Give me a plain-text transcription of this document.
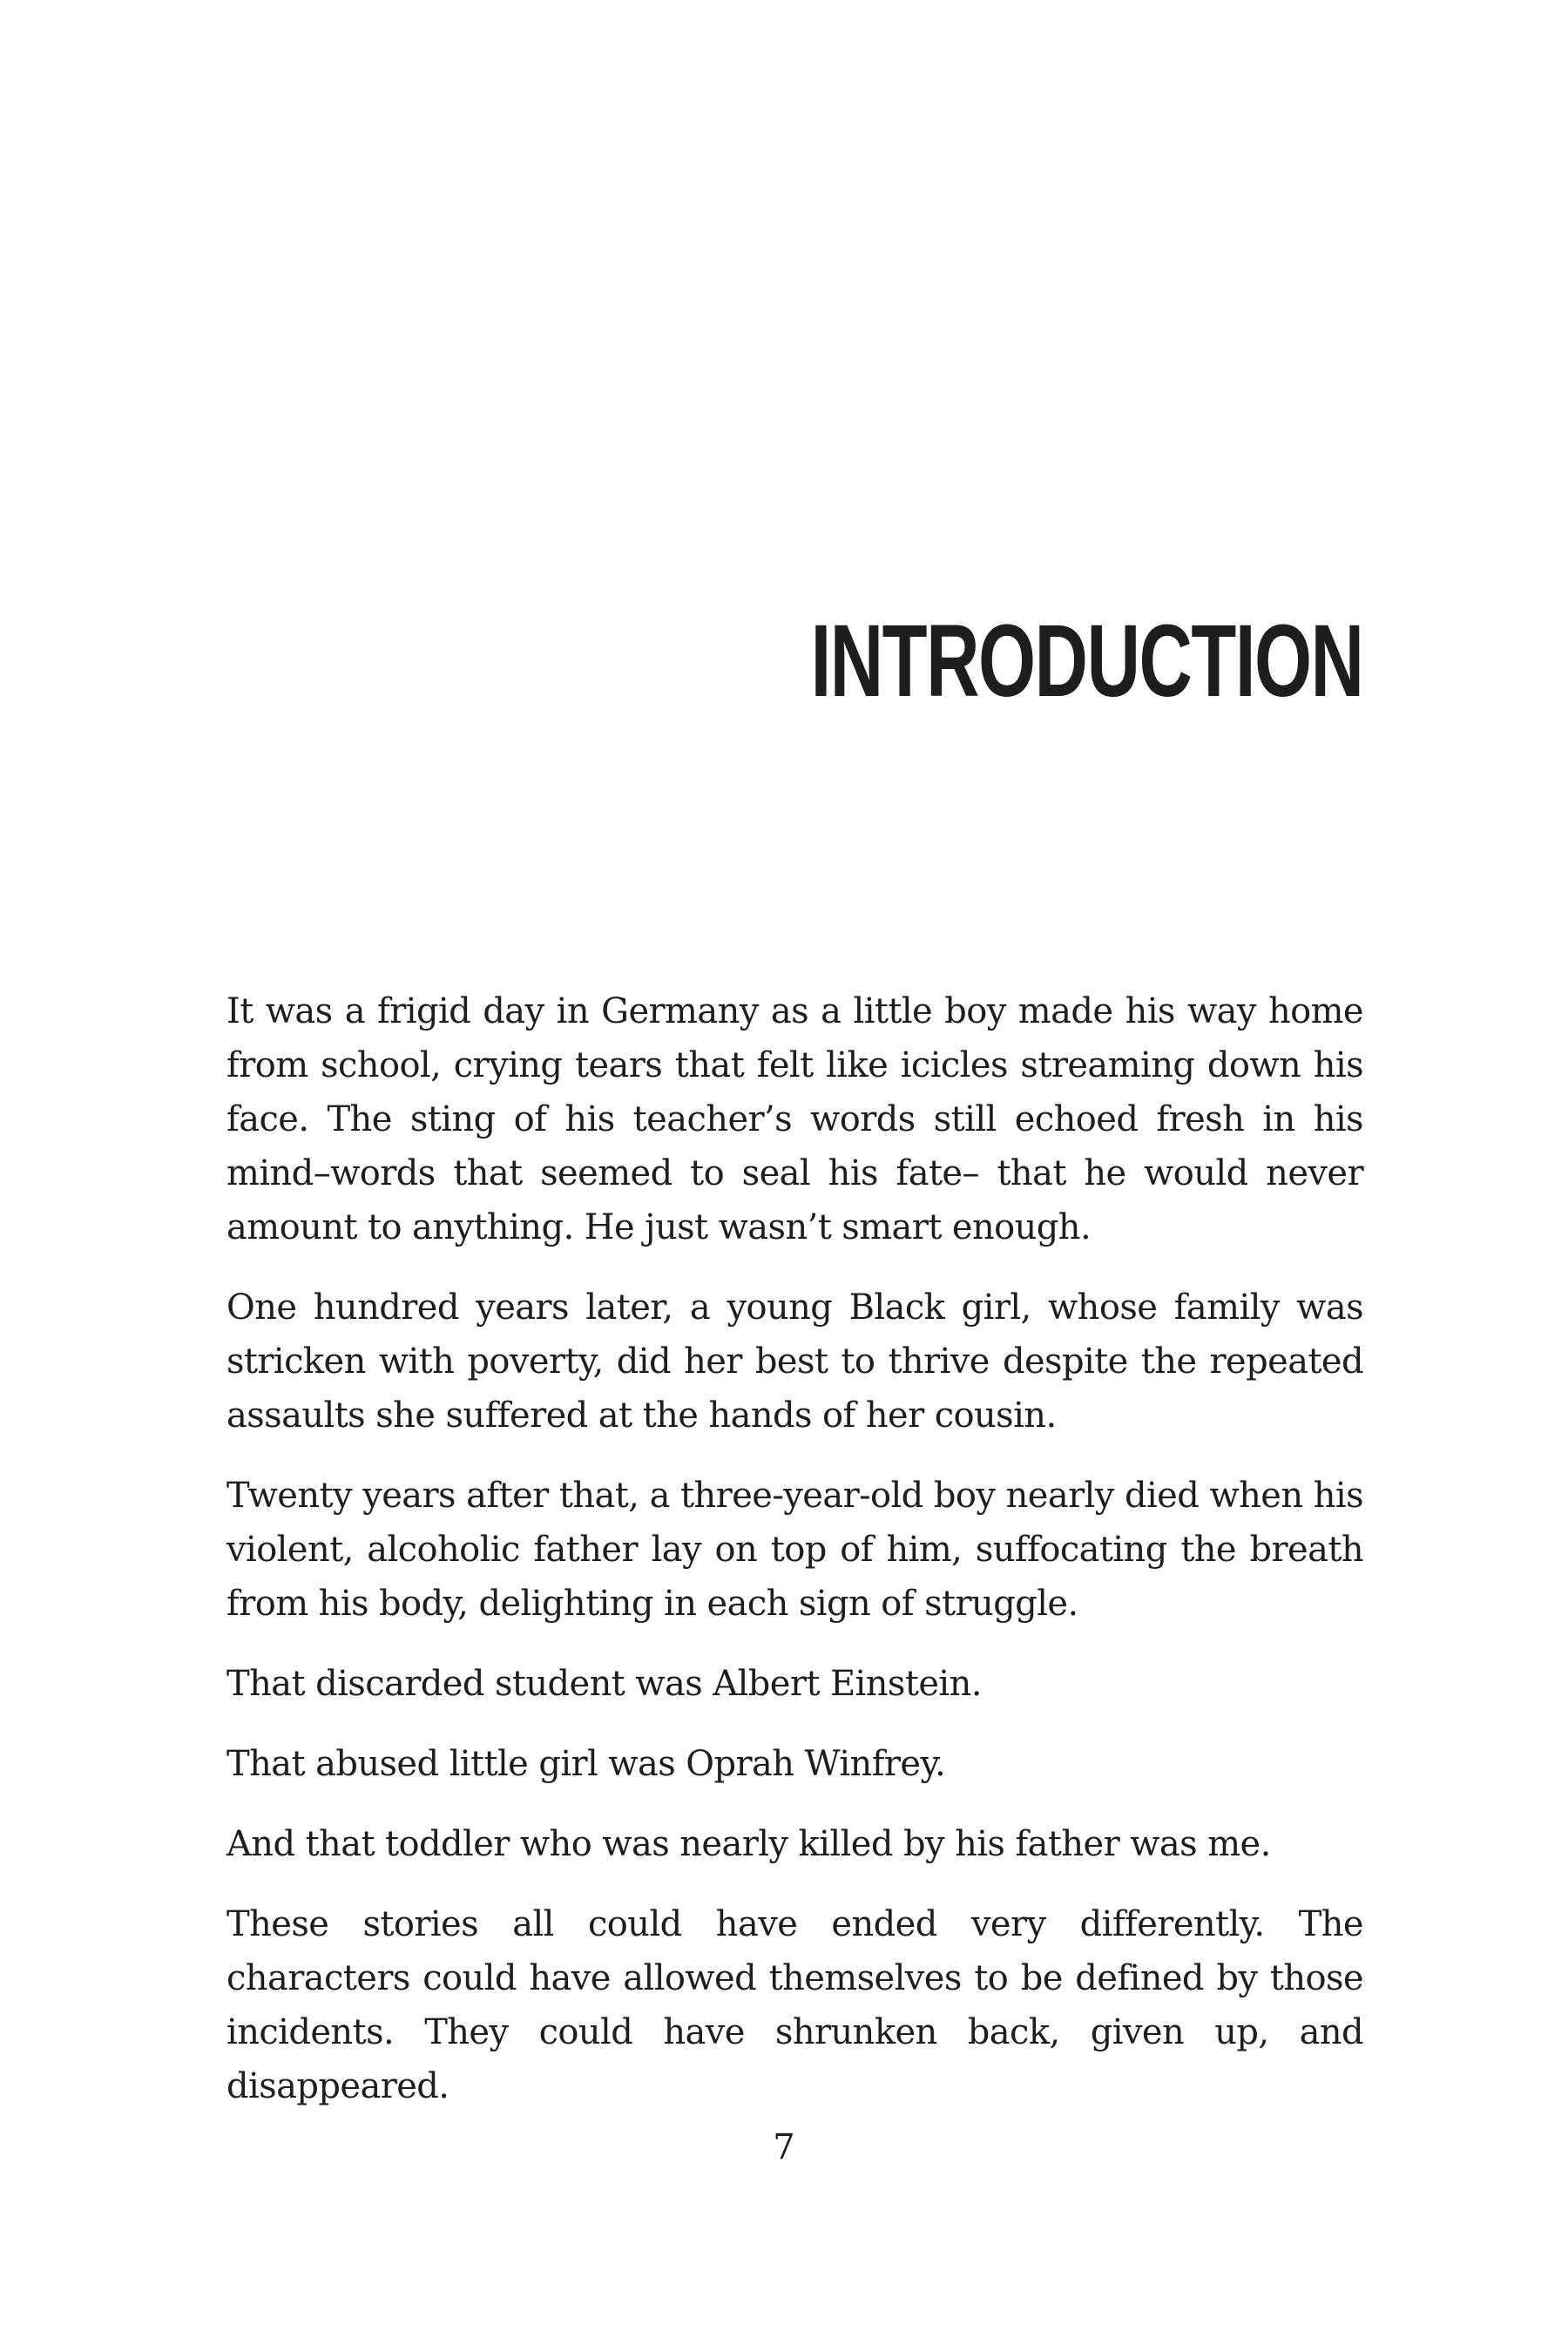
INTRODUCTION

It was a frigid day in Germany as a little boy made his way home from school, crying tears that felt like icicles streaming down his face. The sting of his teacher’s words still echoed fresh in his mind–words that seemed to seal his fate– that he would never amount to anything. He just wasn’t smart enough.

One hundred years later, a young Black girl, whose family was stricken with poverty, did her best to thrive despite the repeated assaults she suffered at the hands of her cousin.

Twenty years after that, a three-year-old boy nearly died when his violent, alcoholic father lay on top of him, suffocating the breath from his body, delighting in each sign of struggle.

That discarded student was Albert Einstein.

That abused little girl was Oprah Winfrey.

And that toddler who was nearly killed by his father was me.

These stories all could have ended very differently. The characters could have allowed themselves to be defined by those incidents. They could have shrunken back, given up, and disappeared.

7
